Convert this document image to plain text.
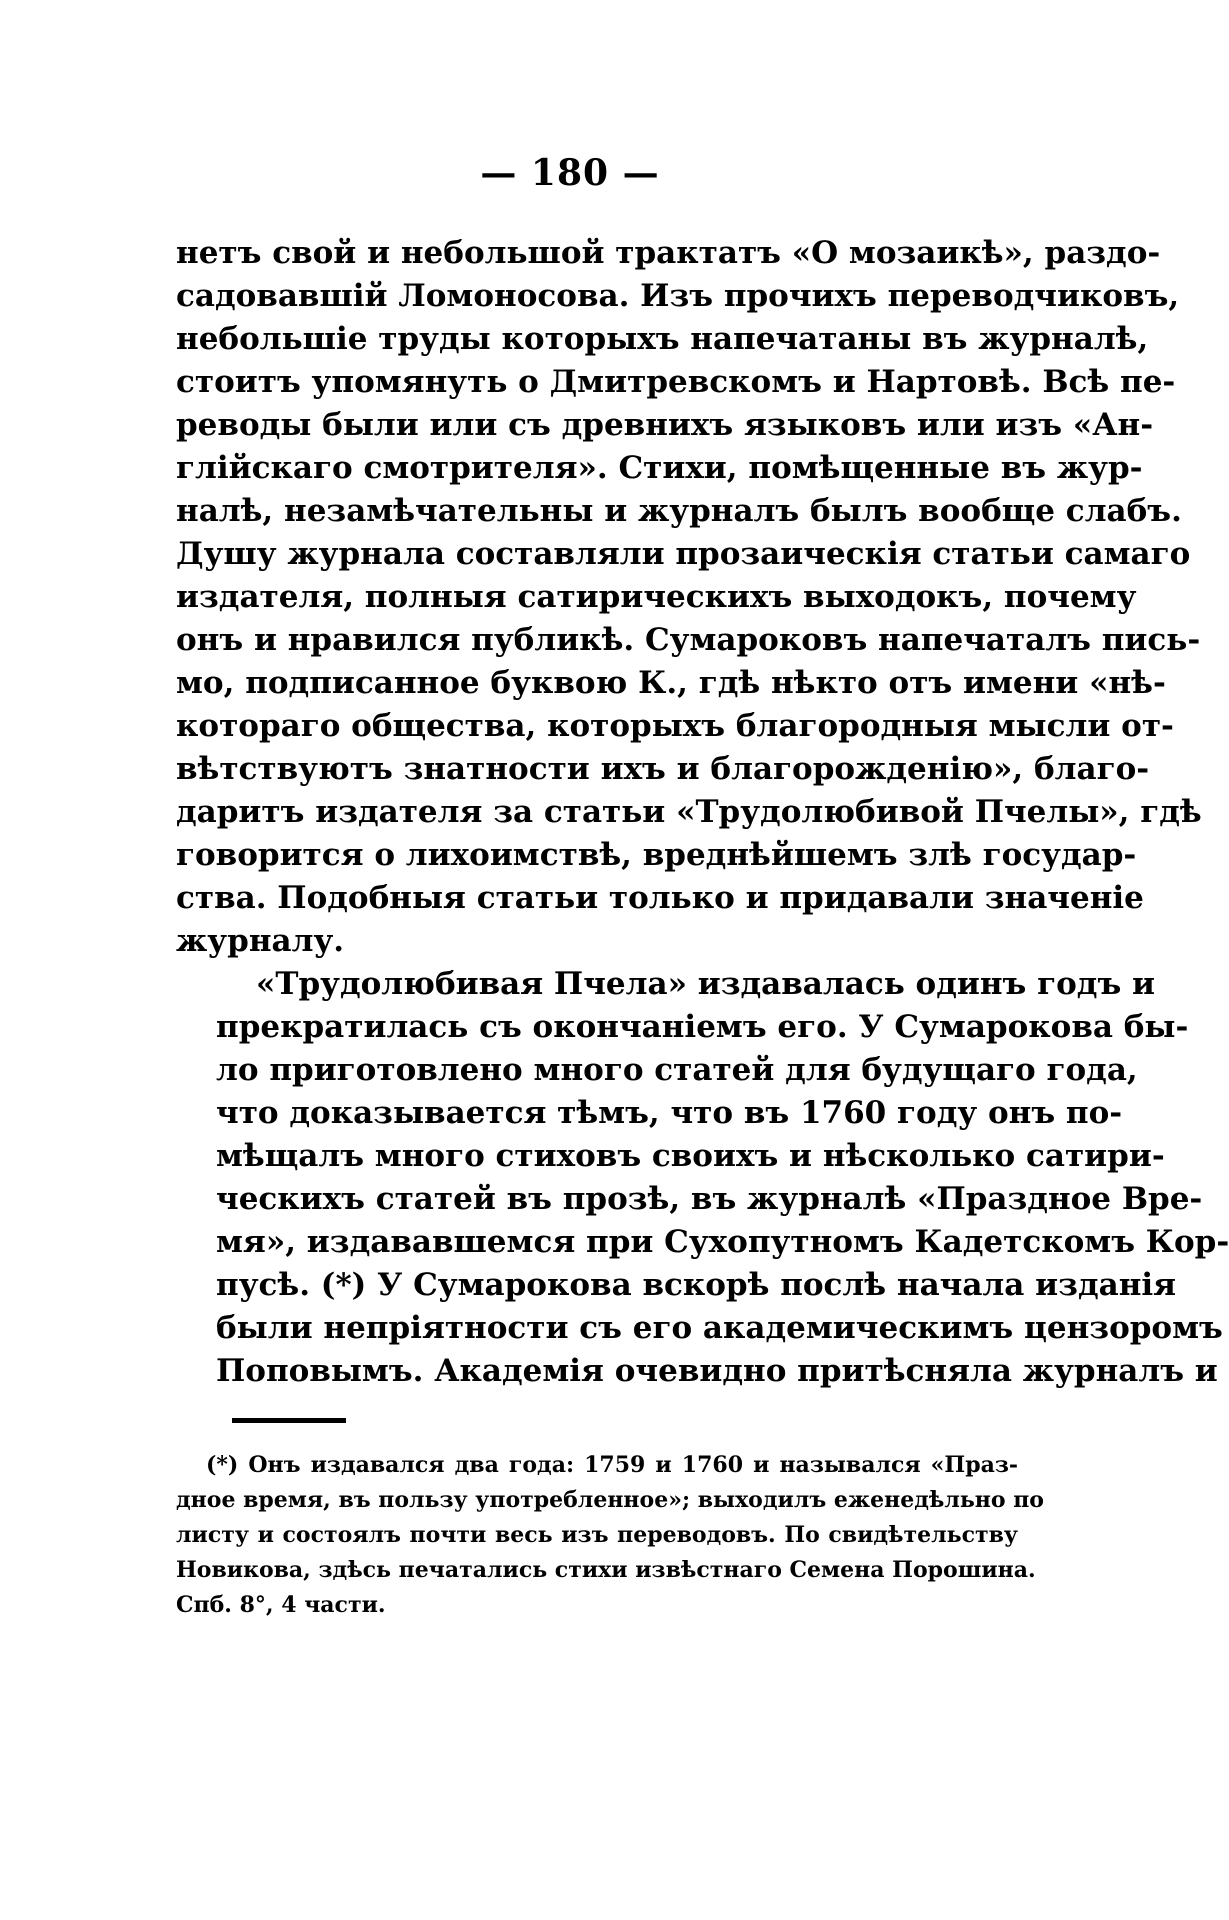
— 180 —

нетъ свой и небольшой трактатъ «О мозаикѣ», раздо-
садовавшій Ломоносова. Изъ прочихъ переводчиковъ,
небольшіе труды которыхъ напечатаны въ журналѣ,
стоитъ упомянуть о Дмитревскомъ и Нартовѣ. Всѣ пе-
реводы были или съ древнихъ языковъ или изъ «Ан-
глійскаго смотрителя». Стихи, помѣщенные въ жур-
налѣ, незамѣчательны и журналъ былъ вообще слабъ.
Душу журнала составляли прозаическія статьи самаго
издателя, полныя сатирическихъ выходокъ, почему
онъ и нравился публикѣ. Сумароковъ напечаталъ пись-
мо, подписанное буквою К., гдѣ нѣкто отъ имени «нѣ-
котораго общества, которыхъ благородныя мысли от-
вѣтствуютъ знатности ихъ и благорожденію», благо-
даритъ издателя за статьи «Трудолюбивой Пчелы», гдѣ
говорится о лихоимствѣ, вреднѣйшемъ злѣ государ-
ства. Подобныя статьи только и придавали значеніе
журналу.

«Трудолюбивая Пчела» издавалась одинъ годъ и
прекратилась съ окончаніемъ его. У Сумарокова бы-
ло приготовлено много статей для будущаго года,
что доказывается тѣмъ, что въ 1760 году онъ по-
мѣщалъ много стиховъ своихъ и нѣсколько сатири-
ческихъ статей въ прозѣ, въ журналѣ «Праздное Вре-
мя», издававшемся при Сухопутномъ Кадетскомъ Кор-
пусѣ. (*) У Сумарокова вскорѣ послѣ начала изданія
были непріятности съ его академическимъ цензоромъ
Поповымъ. Академія очевидно притѣсняла журналъ и

(*) Онъ издавался два года: 1759 и 1760 и назывался «Праз-
дное время, въ пользу употребленное»; выходилъ еженедѣльно по
листу и состоялъ почти весь изъ переводовъ. По свидѣтельству
Новикова, здѣсь печатались стихи извѣстнаго Семена Порошина.
Спб. 8°, 4 части.
